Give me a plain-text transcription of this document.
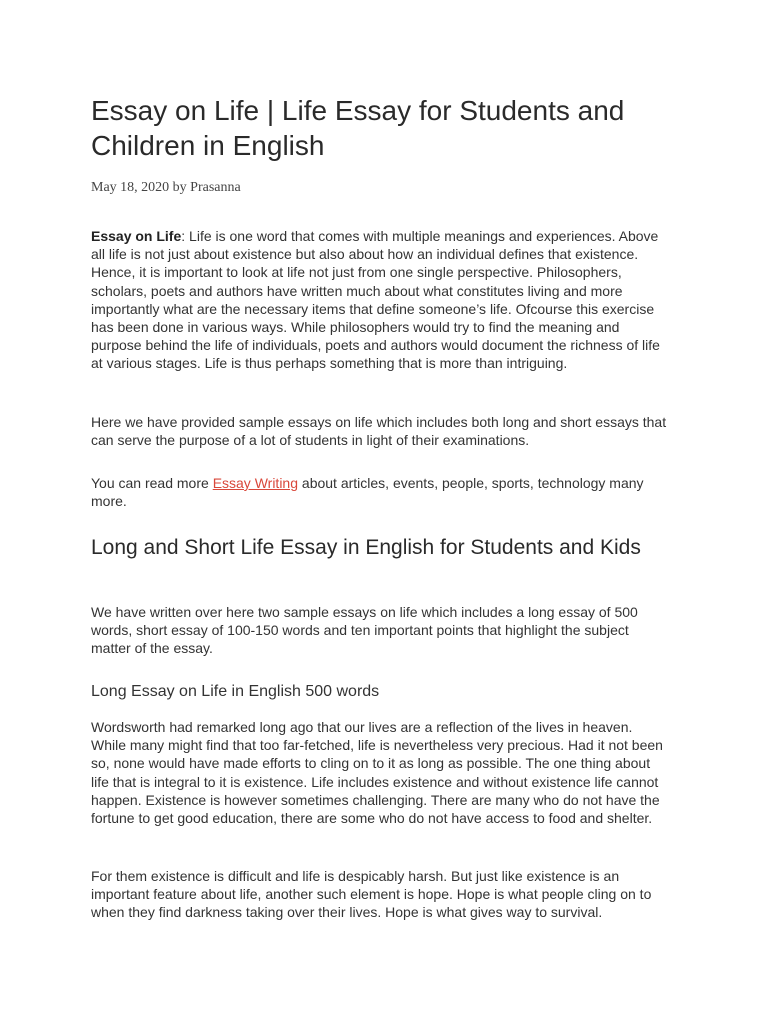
Essay on Life | Life Essay for Students and Children in English
May 18, 2020 by Prasanna

Essay on Life: Life is one word that comes with multiple meanings and experiences. Above all life is not just about existence but also about how an individual defines that existence. Hence, it is important to look at life not just from one single perspective. Philosophers, scholars, poets and authors have written much about what constitutes living and more importantly what are the necessary items that define someone’s life. Ofcourse this exercise has been done in various ways. While philosophers would try to find the meaning and purpose behind the life of individuals, poets and authors would document the richness of life at various stages. Life is thus perhaps something that is more than intriguing.

Here we have provided sample essays on life which includes both long and short essays that can serve the purpose of a lot of students in light of their examinations.

You can read more Essay Writing about articles, events, people, sports, technology many more.

Long and Short Life Essay in English for Students and Kids

We have written over here two sample essays on life which includes a long essay of 500 words, short essay of 100-150 words and ten important points that highlight the subject matter of the essay.

Long Essay on Life in English 500 words

Wordsworth had remarked long ago that our lives are a reflection of the lives in heaven. While many might find that too far-fetched, life is nevertheless very precious. Had it not been so, none would have made efforts to cling on to it as long as possible. The one thing about life that is integral to it is existence. Life includes existence and without existence life cannot happen. Existence is however sometimes challenging. There are many who do not have the fortune to get good education, there are some who do not have access to food and shelter.

For them existence is difficult and life is despicably harsh. But just like existence is an important feature about life, another such element is hope. Hope is what people cling on to when they find darkness taking over their lives. Hope is what gives way to survival.
